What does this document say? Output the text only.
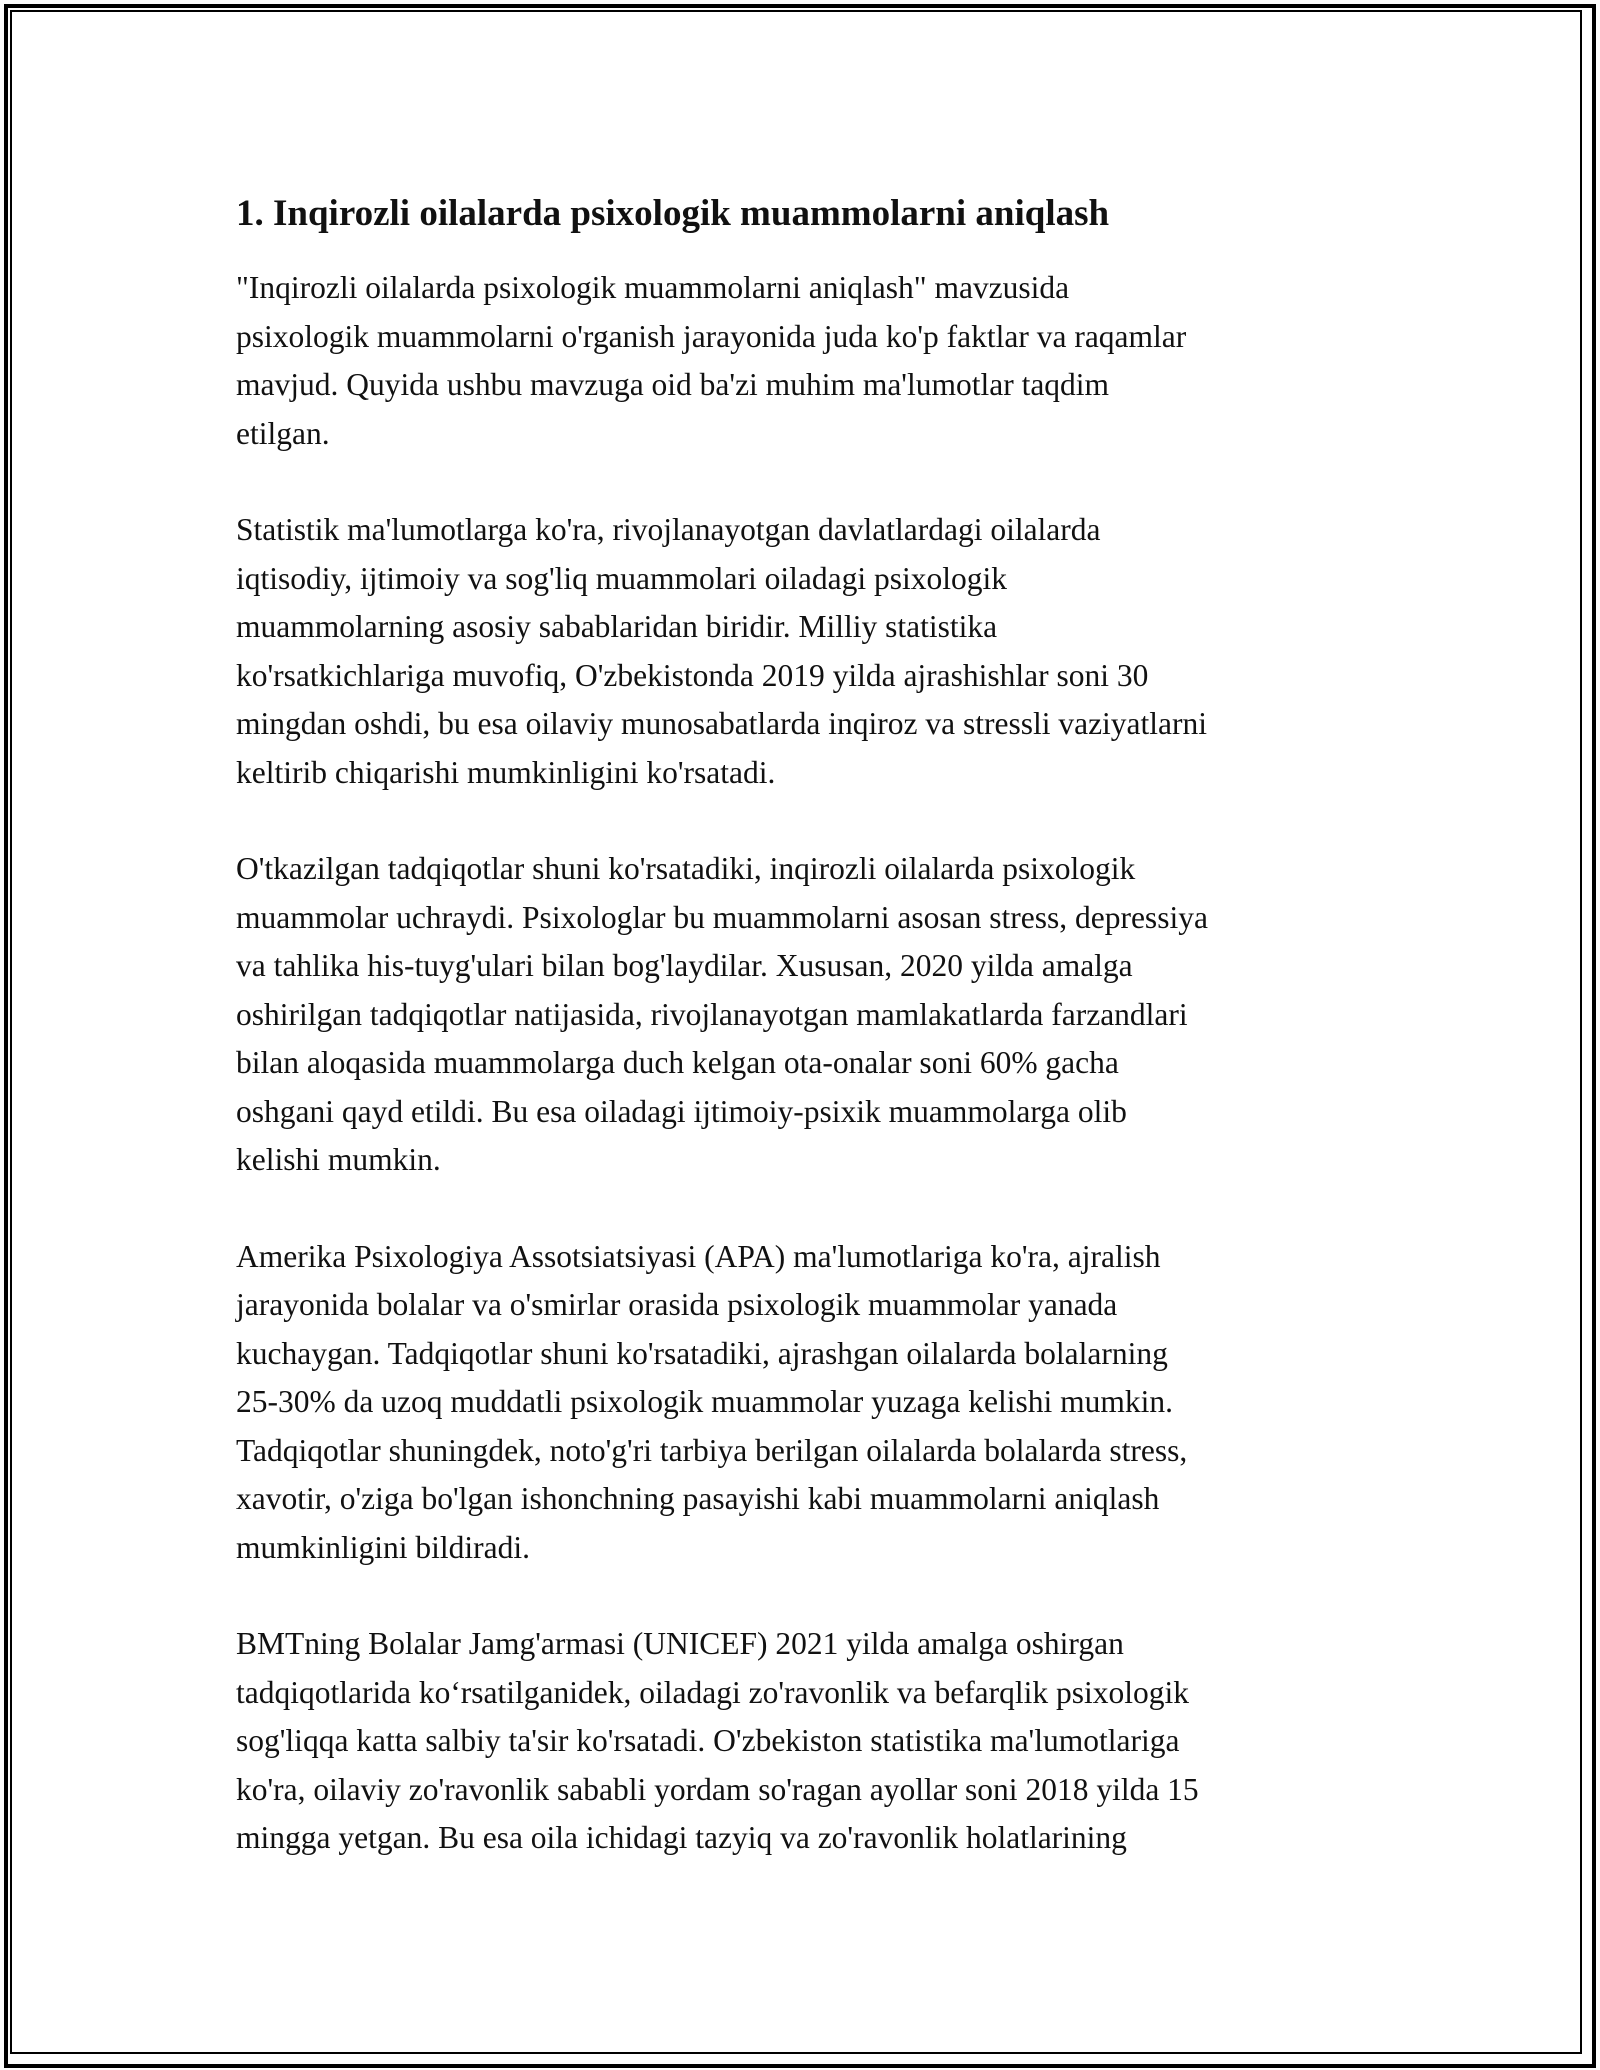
1. Inqirozli oilalarda psixologik muammolarni aniqlash

"Inqirozli oilalarda psixologik muammolarni aniqlash" mavzusida
psixologik muammolarni o'rganish jarayonida juda ko'p faktlar va raqamlar
mavjud. Quyida ushbu mavzuga oid ba'zi muhim ma'lumotlar taqdim
etilgan.

Statistik ma'lumotlarga ko'ra, rivojlanayotgan davlatlardagi oilalarda
iqtisodiy, ijtimoiy va sog'liq muammolari oiladagi psixologik
muammolarning asosiy sabablaridan biridir. Milliy statistika
ko'rsatkichlariga muvofiq, O'zbekistonda 2019 yilda ajrashishlar soni 30
mingdan oshdi, bu esa oilaviy munosabatlarda inqiroz va stressli vaziyatlarni
keltirib chiqarishi mumkinligini ko'rsatadi.

O'tkazilgan tadqiqotlar shuni ko'rsatadiki, inqirozli oilalarda psixologik
muammolar uchraydi. Psixologlar bu muammolarni asosan stress, depressiya
va tahlika his-tuyg'ulari bilan bog'laydilar. Xususan, 2020 yilda amalga
oshirilgan tadqiqotlar natijasida, rivojlanayotgan mamlakatlarda farzandlari
bilan aloqasida muammolarga duch kelgan ota-onalar soni 60% gacha
oshgani qayd etildi. Bu esa oiladagi ijtimoiy-psixik muammolarga olib
kelishi mumkin.

Amerika Psixologiya Assotsiatsiyasi (APA) ma'lumotlariga ko'ra, ajralish
jarayonida bolalar va o'smirlar orasida psixologik muammolar yanada
kuchaygan. Tadqiqotlar shuni ko'rsatadiki, ajrashgan oilalarda bolalarning
25-30% da uzoq muddatli psixologik muammolar yuzaga kelishi mumkin.
Tadqiqotlar shuningdek, noto'g'ri tarbiya berilgan oilalarda bolalarda stress,
xavotir, o'ziga bo'lgan ishonchning pasayishi kabi muammolarni aniqlash
mumkinligini bildiradi.

BMTning Bolalar Jamg'armasi (UNICEF) 2021 yilda amalga oshirgan
tadqiqotlarida ko‘rsatilganidek, oiladagi zo'ravonlik va befarqlik psixologik
sog'liqqa katta salbiy ta'sir ko'rsatadi. O'zbekiston statistika ma'lumotlariga
ko'ra, oilaviy zo'ravonlik sababli yordam so'ragan ayollar soni 2018 yilda 15
mingga yetgan. Bu esa oila ichidagi tazyiq va zo'ravonlik holatlarining
